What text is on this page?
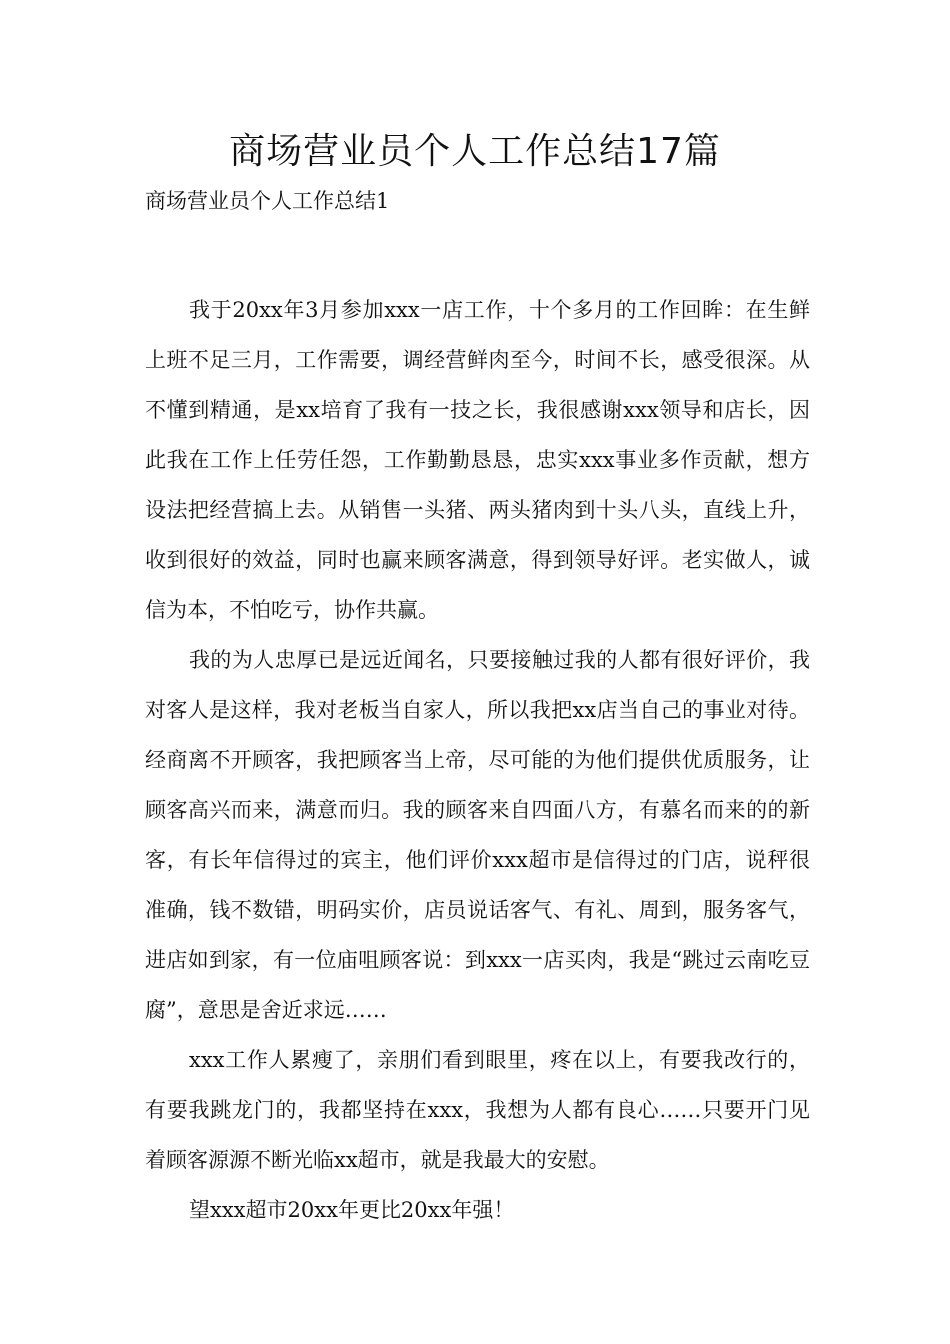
商场营业员个人工作总结17篇

商场营业员个人工作总结1

我于20xx年3月参加xxx一店工作，十个多月的工作回眸：在生鲜上班不足三月，工作需要，调经营鲜肉至今，时间不长，感受很深。从不懂到精通，是xx培育了我有一技之长，我很感谢xxx领导和店长，因此我在工作上任劳任怨，工作勤勤恳恳，忠实xxx事业多作贡献，想方设法把经营搞上去。从销售一头猪、两头猪肉到十头八头，直线上升，收到很好的效益，同时也赢来顾客满意，得到领导好评。老实做人，诚信为本，不怕吃亏，协作共赢。

我的为人忠厚已是远近闻名，只要接触过我的人都有很好评价，我对客人是这样，我对老板当自家人，所以我把xx店当自己的事业对待。经商离不开顾客，我把顾客当上帝，尽可能的为他们提供优质服务，让顾客高兴而来，满意而归。我的顾客来自四面八方，有慕名而来的的新客，有长年信得过的宾主，他们评价xxx超市是信得过的门店，说秤很准确，钱不数错，明码实价，店员说话客气、有礼、周到，服务客气，进店如到家，有一位庙咀顾客说：到xxx一店买肉，我是“跳过云南吃豆腐”，意思是舍近求远……

xxx工作人累瘦了，亲朋们看到眼里，疼在以上，有要我改行的，有要我跳龙门的，我都坚持在xxx，我想为人都有良心……只要开门见着顾客源源不断光临xx超市，就是我最大的安慰。

望xxx超市20xx年更比20xx年强！
